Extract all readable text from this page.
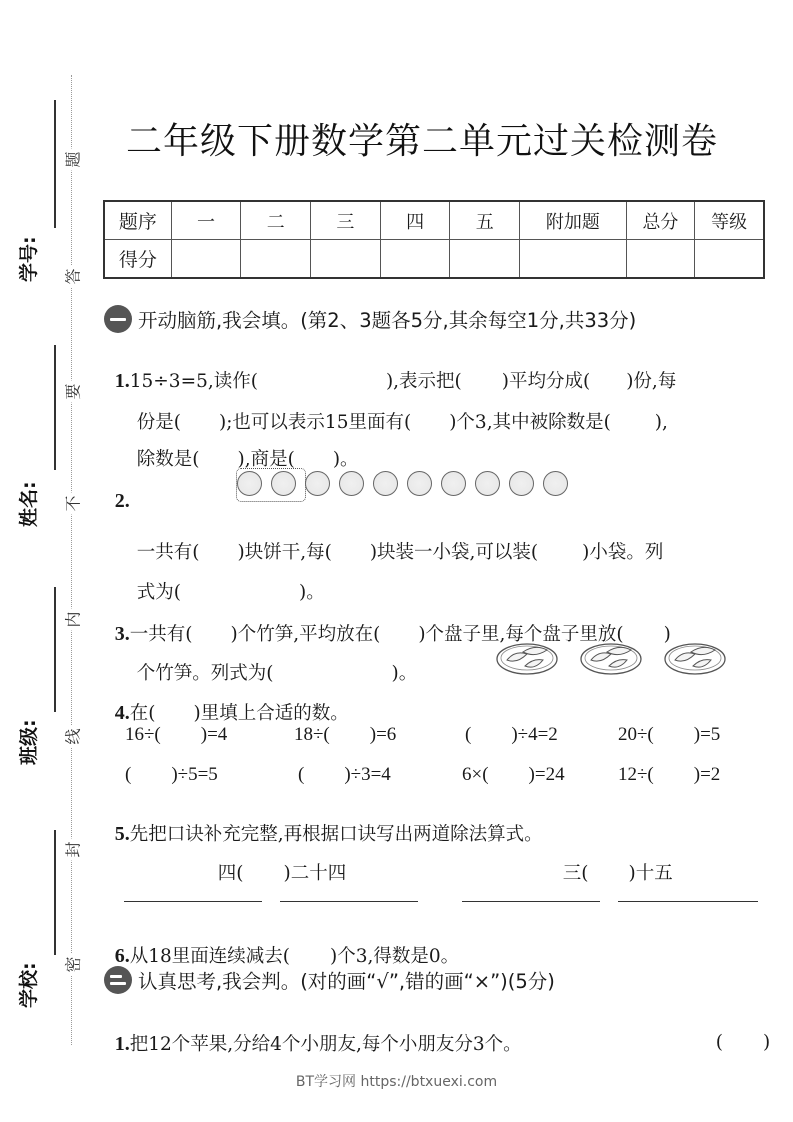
题
答
要
不
内
线
封
密
学号:
姓名:
班级:
学校:
二年级下册数学第二单元过关检测卷
题序	一	二	三	四	五	附加题	总分	等级
得分								
开动脑筋,我会填。(第2、3题各5分,其余每空1分,共33分)

1.15÷3=5,读作(	),表示把( )平均分成( )份,每

份是( );也可以表示15里面有( )个3,其中被除数是( ),

除数是( ),商是( )。

2.

一共有( )块饼干,每( )块装一小袋,可以装( )小袋。列

式为(	)。

3.一共有( )个竹笋,平均放在( )个盘子里,每个盘子里放( )

个竹笋。列式为(	)。

4.在( )里填上合适的数。

16÷( )=4	18÷( )=6	( )÷4=2	20÷( )=5
( )÷5=5	( )÷3=4	6×( )=24	12÷( )=2

5.先把口诀补充完整,再根据口诀写出两道除法算式。

四( )二十四	三( )十五

6.从18里面连续减去( )个3,得数是0。

认真思考,我会判。(对的画“√”,错的画“×”)(5分)

1.把12个苹果,分给4个小朋友,每个小朋友分3个。	( )

BT学习网 https://btxuexi.com
